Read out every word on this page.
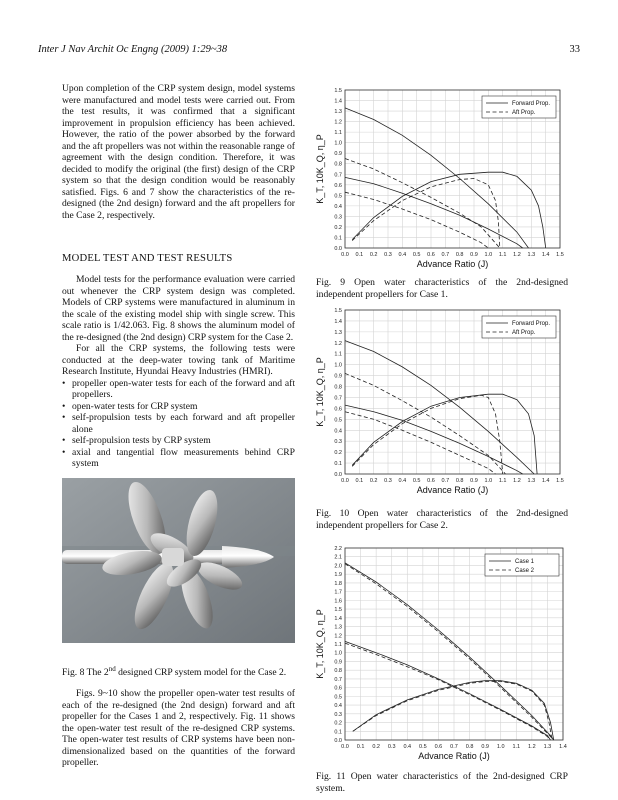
Inter J Nav Archit Oc Engng (2009) 1:29~38	33

Upon completion of the CRP system design, model systems were manufactured and model tests were carried out. From the test results, it was confirmed that a significant improvement in propulsion efficiency has been achieved. However, the ratio of the power absorbed by the forward and the aft propellers was not within the reasonable range of agreement with the design condition. Therefore, it was decided to modify the original (the first) design of the CRP system so that the design condition would be reasonably satisfied. Figs. 6 and 7 show the characteristics of the re-designed (the 2nd design) forward and the aft propellers for the Case 2, respectively.

MODEL TEST AND TEST RESULTS

Model tests for the performance evaluation were carried out whenever the CRP system design was completed. Models of CRP systems were manufactured in aluminum in the scale of the existing model ship with single screw. This scale ratio is 1/42.063. Fig. 8 shows the aluminum model of the re-designed (the 2nd design) CRP system for the Case 2.

For all the CRP systems, the following tests were conducted at the deep-water towing tank of Maritime Research Institute, Hyundai Heavy Industries (HMRI).

• propeller open-water tests for each of the forward and aft propellers.
• open-water tests for CRP system
• self-propulsion tests by each forward and aft propeller alone
• self-propulsion tests by CRP system
• axial and tangential flow measurements behind CRP system
Fig. 8 The 2nd designed CRP system model for the Case 2.

Figs. 9~10 show the propeller open-water test results of each of the re-designed (the 2nd design) forward and aft propeller for the Cases 1 and 2, respectively. Fig. 11 shows the open-water test result of the re-designed CRP systems. The open-water test results of CRP systems have been non-dimensionalized based on the quantities of the forward propeller.

0.0 0.1 0.2 0.3 0.4 0.5 0.6 0.7 0.8 0.9 1.0 1.1 1.2 1.3 1.4 1.5
0.0
0.1
0.2
0.3
0.4
0.5
0.6
0.7
0.8
0.9
1.0
1.1
1.2
1.3
1.4
1.5
Advance Ratio (J)
K_T, 10K_Q, η_P
Forward Prop.
Aft Prop.
Fig. 9 Open water characteristics of the 2nd-designed independent propellers for Case 1.
0.0 0.1 0.2 0.3 0.4 0.5 0.6 0.7 0.8 0.9 1.0 1.1 1.2 1.3 1.4 1.5
0.0
0.1
0.2
0.3
0.4
0.5
0.6
0.7
0.8
0.9
1.0
1.1
1.2
1.3
1.4
1.5
Advance Ratio (J)
K_T, 10K_Q, η_P
Forward Prop.
Aft Prop.
Fig. 10 Open water characteristics of the 2nd-designed independent propellers for Case 2.
0.0 0.1 0.2 0.3 0.4 0.5 0.6 0.7 0.8 0.9 1.0 1.1 1.2 1.3 1.4
0.0
0.1
0.2
0.3
0.4
0.5
0.6
0.7
0.8
0.9
1.0
1.1
1.2
1.3
1.4
1.5
1.6
1.7
1.8
1.9
2.0
2.1
2.2
Advance Ratio (J)
K_T, 10K_Q, η_P
Case 1
Case 2
Fig. 11 Open water characteristics of the 2nd-designed CRP system.
